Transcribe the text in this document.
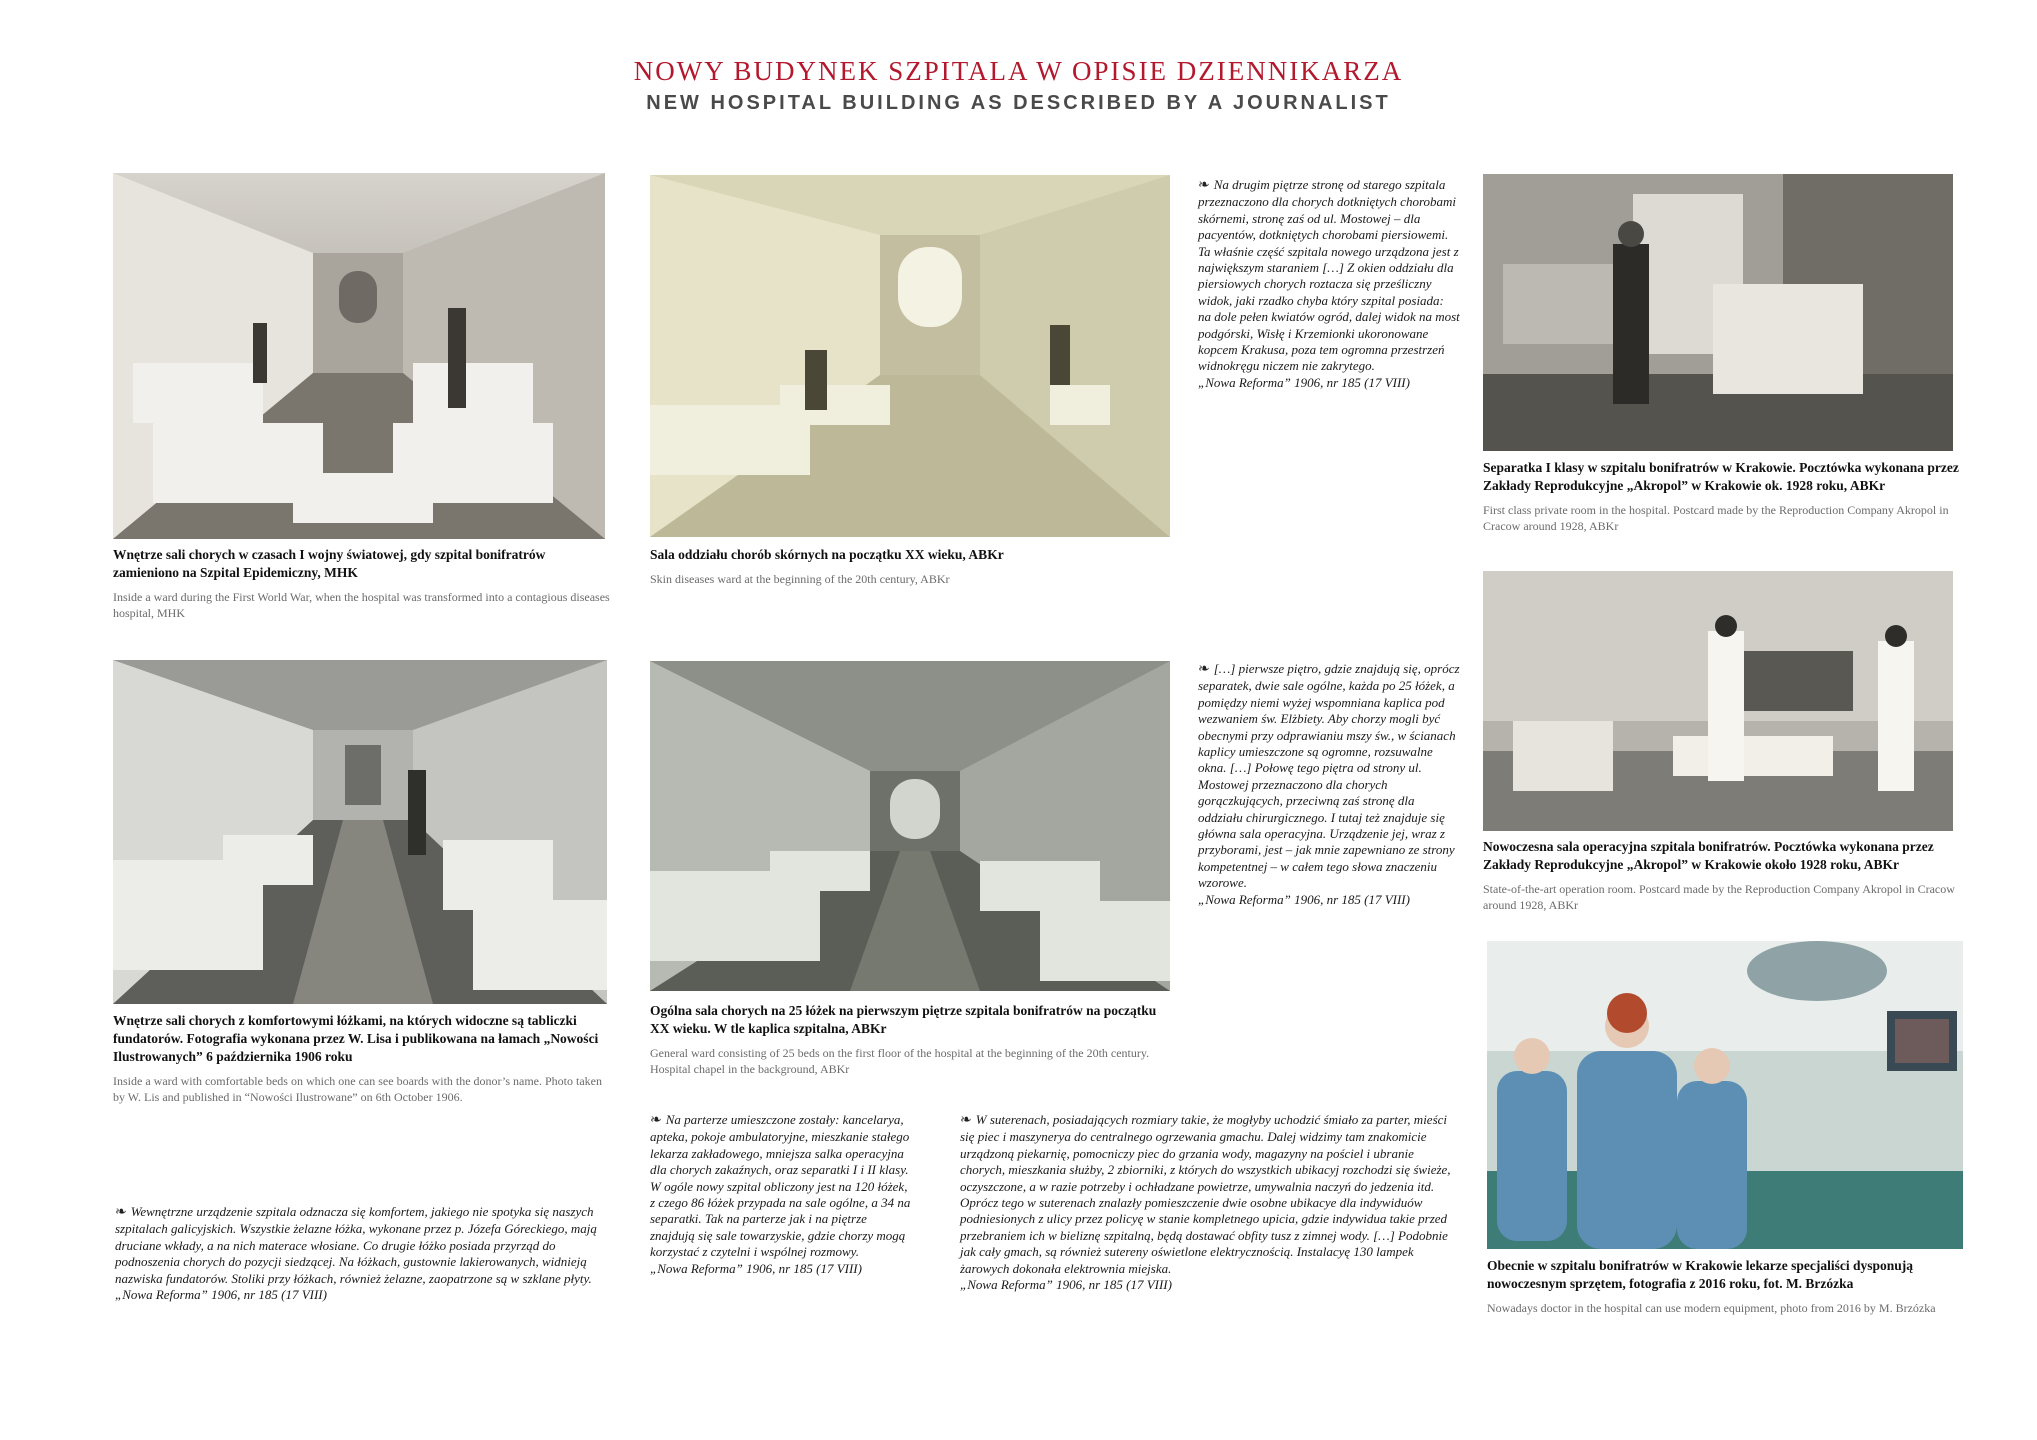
NOWY BUDYNEK SZPITALA W OPISIE DZIENNIKARZA
NEW HOSPITAL BUILDING AS DESCRIBED BY A JOURNALIST
Wnętrze sali chorych w czasach I wojny światowej, gdy szpital bonifratrów zamieniono na Szpital Epidemiczny, MHK
Inside a ward during the First World War, when the hospital was transformed into a contagious diseases hospital, MHK
Sala oddziału chorób skórnych na początku XX wieku, ABKr
Skin diseases ward at the beginning of the 20th century, ABKr
❧ Na drugim piętrze stronę od starego szpitala przeznaczono dla chorych dotkniętych chorobami skórnemi, stronę zaś od ul. Mostowej – dla pacyentów, dotkniętych chorobami piersiowemi. Ta właśnie część szpitala nowego urządzona jest z największym staraniem […] Z okien oddziału dla piersiowych chorych roztacza się prześliczny widok, jaki rzadko chyba który szpital posiada: na dole pełen kwiatów ogród, dalej widok na most podgórski, Wisłę i Krzemionki ukoronowane kopcem Krakusa, poza tem ogromna przestrzeń widnokręgu niczem nie zakrytego.
„Nowa Reforma” 1906, nr 185 (17 VIII)
Separatka I klasy w szpitalu bonifratrów w Krakowie. Pocztówka wykonana przez Zakłady Reprodukcyjne „Akropol” w Krakowie ok. 1928 roku, ABKr
First class private room in the hospital. Postcard made by the Reproduction Company Akropol in Cracow around 1928, ABKr
Nowoczesna sala operacyjna szpitala bonifratrów. Pocztówka wykonana przez Zakłady Reprodukcyjne „Akropol” w Krakowie około 1928 roku, ABKr
State-of-the-art operation room. Postcard made by the Reproduction Company Akropol in Cracow around 1928, ABKr
Wnętrze sali chorych z komfortowymi łóżkami, na których widoczne są tabliczki fundatorów. Fotografia wykonana przez W. Lisa i publikowana na łamach „Nowości Ilustrowanych” 6 października 1906 roku
Inside a ward with comfortable beds on which one can see boards with the donor’s name. Photo taken by W. Lis and published in “Nowości Ilustrowane” on 6th October 1906.
Ogólna sala chorych na 25 łóżek na pierwszym piętrze szpitala bonifratrów na początku XX wieku. W tle kaplica szpitalna, ABKr
General ward consisting of 25 beds on the first floor of the hospital at the beginning of the 20th century. Hospital chapel in the background, ABKr
❧ […] pierwsze piętro, gdzie znajdują się, oprócz separatek, dwie sale ogólne, każda po 25 łóżek, a pomiędzy niemi wyżej wspomniana kaplica pod wezwaniem św. Elżbiety. Aby chorzy mogli być obecnymi przy odprawianiu mszy św., w ścianach kaplicy umieszczone są ogromne, rozsuwalne okna. […] Połowę tego piętra od strony ul. Mostowej przeznaczono dla chorych gorączkujących, przeciwną zaś stronę dla oddziału chirurgicznego. I tutaj też znajduje się główna sala operacyjna. Urządzenie jej, wraz z przyborami, jest – jak mnie zapewniano ze strony kompetentnej – w całem tego słowa znaczeniu wzorowe.
„Nowa Reforma” 1906, nr 185 (17 VIII)
Obecnie w szpitalu bonifratrów w Krakowie lekarze specjaliści dysponują nowoczesnym sprzętem, fotografia z 2016 roku, fot. M. Brzózka
Nowadays doctor in the hospital can use modern equipment, photo from 2016 by M. Brzózka
❧ Na parterze umieszczone zostały: kancelarya, apteka, pokoje ambulatoryjne, mieszkanie stałego lekarza zakładowego, mniejsza salka operacyjna dla chorych zakaźnych, oraz separatki I i II klasy. W ogóle nowy szpital obliczony jest na 120 łóżek, z czego 86 łóżek przypada na sale ogólne, a 34 na separatki. Tak na parterze jak i na piętrze znajdują się sale towarzyskie, gdzie chorzy mogą korzystać z czytelni i wspólnej rozmowy.
„Nowa Reforma” 1906, nr 185 (17 VIII)
❧ W suterenach, posiadających rozmiary takie, że mogłyby uchodzić śmiało za parter, mieści się piec i maszynerya do centralnego ogrzewania gmachu. Dalej widzimy tam znakomicie urządzoną piekarnię, pomocniczy piec do grzania wody, magazyny na pościel i ubranie chorych, mieszkania służby, 2 zbiorniki, z których do wszystkich ubikacyj rozchodzi się świeże, oczyszczone, a w razie potrzeby i ochładzane powietrze, umywalnia naczyń do jedzenia itd. Oprócz tego w suterenach znalazły pomieszczenie dwie osobne ubikacye dla indywiduów podniesionych z ulicy przez policyę w stanie kompletnego upicia, gdzie indywidua takie przed przebraniem ich w bieliznę szpitalną, będą dostawać obfity tusz z zimnej wody. […] Podobnie jak cały gmach, są również sutereny oświetlone elektrycznością. Instalacyę 130 lampek żarowych dokonała elektrownia miejska.
„Nowa Reforma” 1906, nr 185 (17 VIII)
❧ Wewnętrzne urządzenie szpitala odznacza się komfortem, jakiego nie spotyka się naszych szpitalach galicyjskich. Wszystkie żelazne łóżka, wykonane przez p. Józefa Góreckiego, mają druciane wkłady, a na nich materace włosiane. Co drugie łóżko posiada przyrząd do podnoszenia chorych do pozycji siedzącej. Na łóżkach, gustownie lakierowanych, widnieją nazwiska fundatorów. Stoliki przy łóżkach, również żelazne, zaopatrzone są w szklane płyty.
„Nowa Reforma” 1906, nr 185 (17 VIII)
